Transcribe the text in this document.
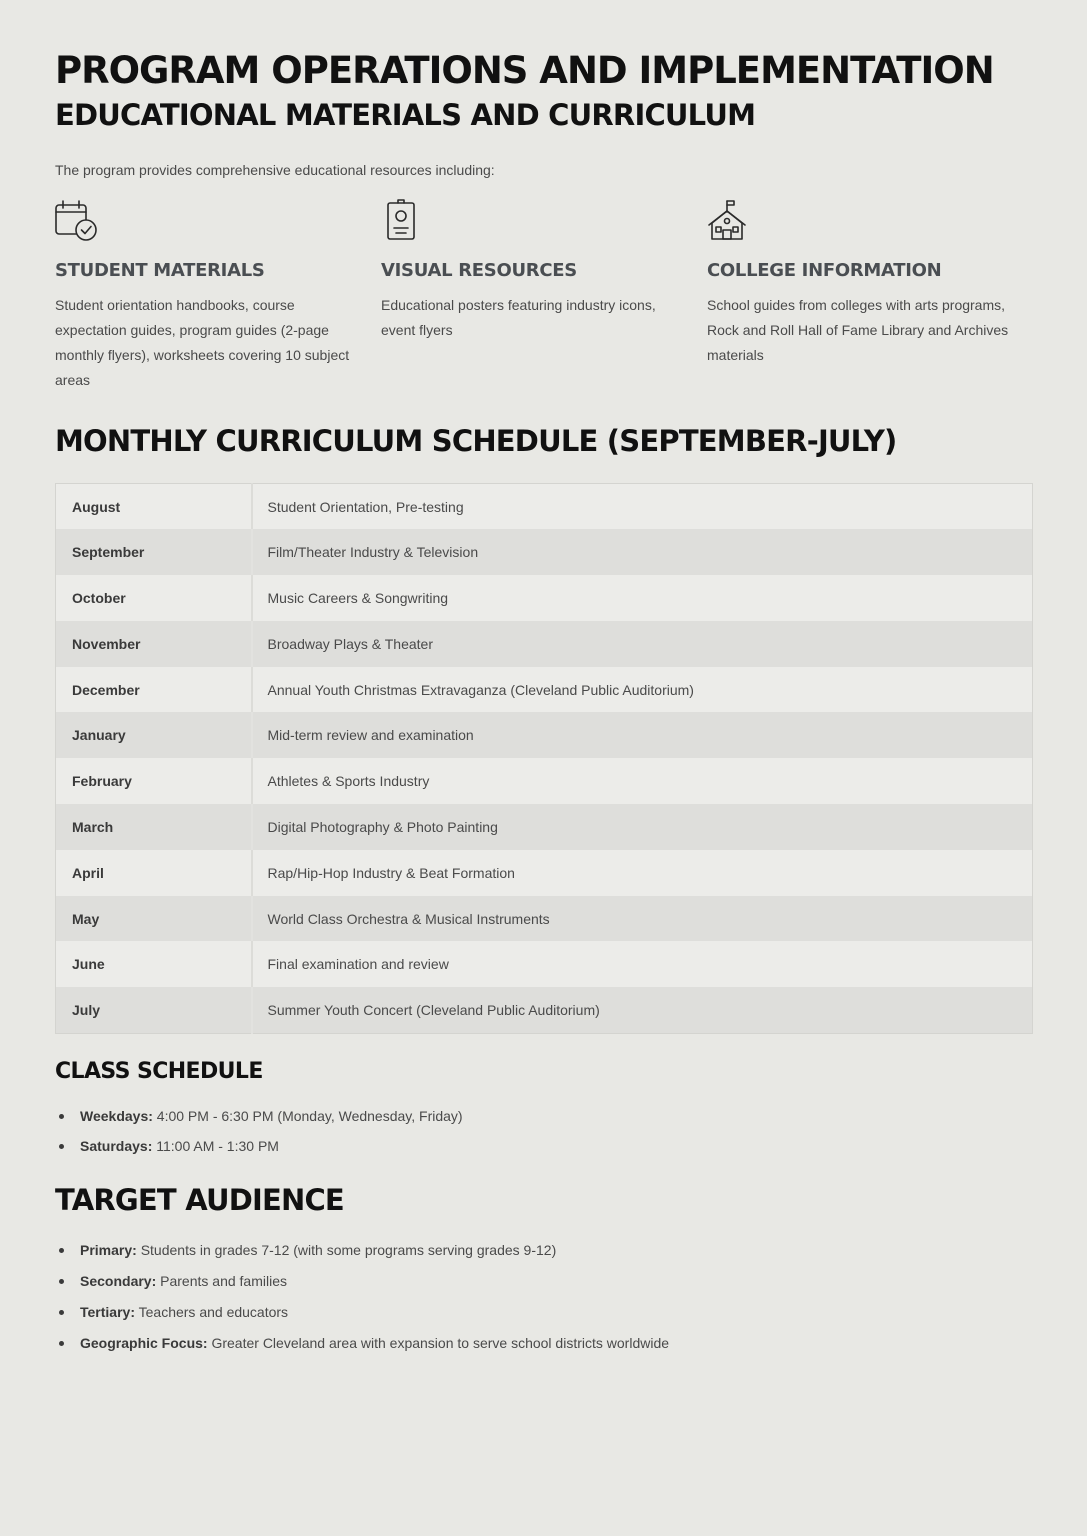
PROGRAM OPERATIONS AND IMPLEMENTATION
EDUCATIONAL MATERIALS AND CURRICULUM

The program provides comprehensive educational resources including:

STUDENT MATERIALS
Student orientation handbooks, course expectation guides, program guides (2-page monthly flyers), worksheets covering 10 subject areas
VISUAL RESOURCES
Educational posters featuring industry icons, event flyers
COLLEGE INFORMATION
School guides from colleges with arts programs, Rock and Roll Hall of Fame Library and Archives materials
MONTHLY CURRICULUM SCHEDULE (SEPTEMBER-JULY)
August	Student Orientation, Pre-testing
September	Film/Theater Industry & Television
October	Music Careers & Songwriting
November	Broadway Plays & Theater
December	Annual Youth Christmas Extravaganza (Cleveland Public Auditorium)
January	Mid-term review and examination
February	Athletes & Sports Industry
March	Digital Photography & Photo Painting
April	Rap/Hip-Hop Industry & Beat Formation
May	World Class Orchestra & Musical Instruments
June	Final examination and review
July	Summer Youth Concert (Cleveland Public Auditorium)
CLASS SCHEDULE
Weekdays: 4:00 PM - 6:30 PM (Monday, Wednesday, Friday)
Saturdays: 11:00 AM - 1:30 PM
TARGET AUDIENCE
Primary: Students in grades 7-12 (with some programs serving grades 9-12)
Secondary: Parents and families
Tertiary: Teachers and educators
Geographic Focus: Greater Cleveland area with expansion to serve school districts worldwide
